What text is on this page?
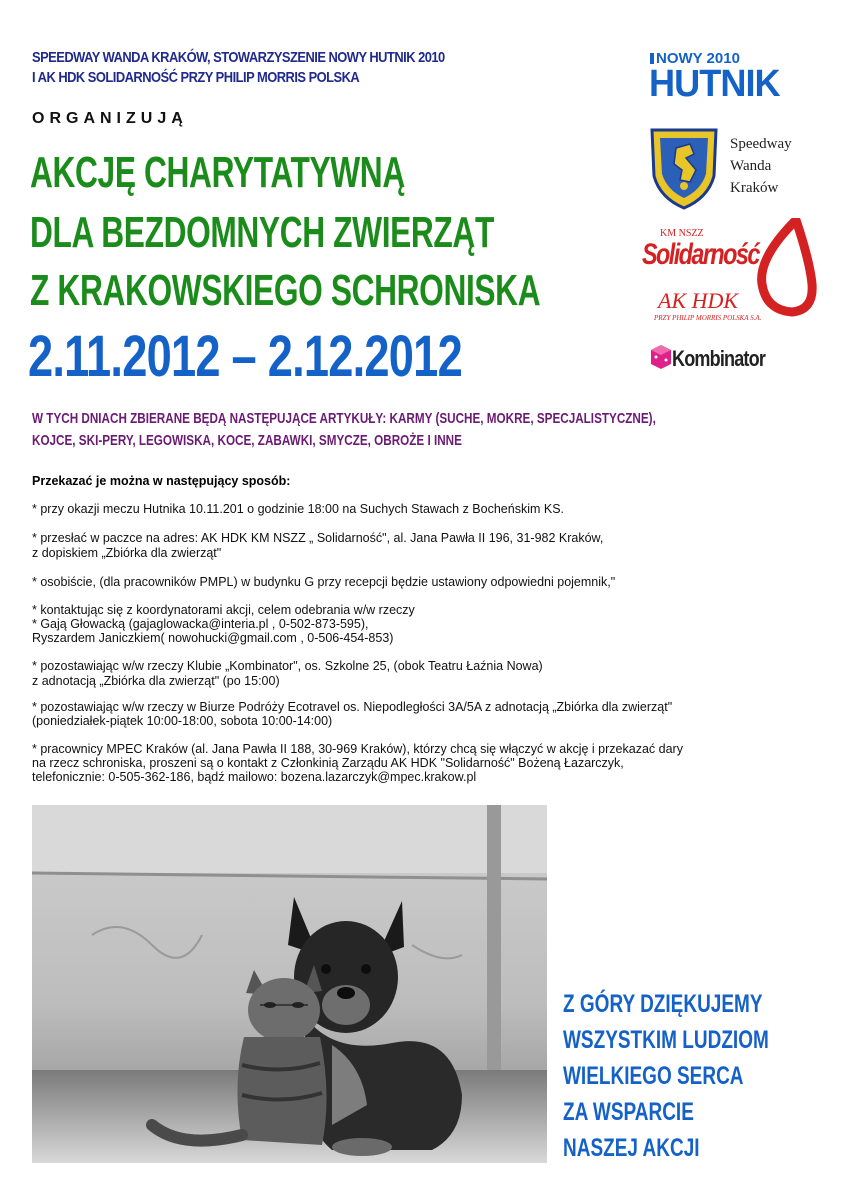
SPEEDWAY WANDA KRAKÓW, STOWARZYSZENIE NOWY HUTNIK 2010
I AK HDK SOLIDARNOŚĆ PRZY PHILIP MORRIS POLSKA
ORGANIZUJĄ
AKCJĘ CHARYTATYWNĄ
DLA BEZDOMNYCH ZWIERZĄT
Z KRAKOWSKIEGO SCHRONISKA
2.11.2012 – 2.12.2012
W TYCH DNIACH ZBIERANE BĘDĄ NASTĘPUJĄCE ARTYKUŁY: KARMY (SUCHE, MOKRE, SPECJALISTYCZNE),
KOJCE, SKI-PERY, LEGOWISKA, KOCE, ZABAWKI, SMYCZE, OBROŻE I INNE
Przekazać je można w następujący sposób:
* przy okazji meczu Hutnika 10.11.201 o godzinie 18:00 na Suchych Stawach z Bocheńskim KS.
* przesłać w paczce na adres: AK HDK KM NSZZ „ Solidarność", al. Jana Pawła II 196, 31-982 Kraków,
z dopiskiem „Zbiórka dla zwierząt"
* osobiście, (dla pracowników PMPL) w budynku G przy recepcji będzie ustawiony odpowiedni pojemnik,"
* kontaktując się z koordynatorami akcji, celem odebrania w/w rzeczy
* Gają Głowacką (gajaglowacka@interia.pl , 0-502-873-595),
Ryszardem Janiczkiem( nowohucki@gmail.com , 0-506-454-853)
* pozostawiając w/w rzeczy Klubie „Kombinator", os. Szkolne 25, (obok Teatru Łaźnia Nowa)
z adnotacją „Zbiórka dla zwierząt" (po 15:00)
* pozostawiając w/w rzeczy w Biurze Podróży Ecotravel os. Niepodległości 3A/5A z adnotacją „Zbiórka dla zwierząt"
(poniedziałek-piątek 10:00-18:00, sobota 10:00-14:00)
* pracownicy MPEC Kraków (al. Jana Pawła II 188, 30-969 Kraków), którzy chcą się włączyć w akcję i przekazać dary
na rzecz schroniska, proszeni są o kontakt z Członkinią Zarządu AK HDK "Solidarność" Bożeną Łazarczyk,
telefonicznie: 0-505-362-186, bądź mailowo: bozena.lazarczyk@mpec.krakow.pl
NOWY 2010
HUTNIK
Speedway
Wanda
Kraków
KM NSZZ
Solidarność
AK HDK
PRZY PHILIP MORRIS POLSKA S.A.
Kombinator
Z GÓRY DZIĘKUJEMY
WSZYSTKIM LUDZIOM
WIELKIEGO SERCA
ZA WSPARCIE
NASZEJ AKCJI
